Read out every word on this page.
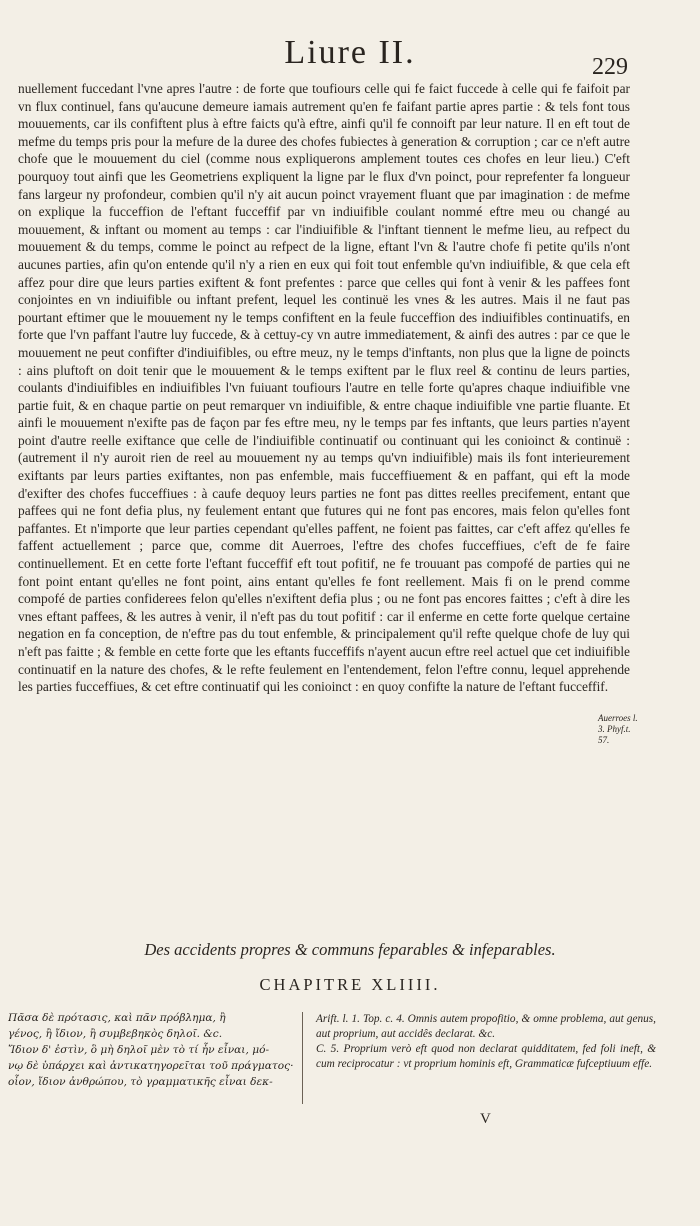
Liure II.	229

nuellement fuccedant l'vne apres l'autre : de forte que toufiours celle qui fe faict fuccede à celle qui fe faifoit par vn flux continuel, fans qu'aucune demeure iamais autrement qu'en fe faifant partie apres partie : & tels font tous mouuements, car ils confiftent plus à eftre faicts qu'à eftre, ainfi qu'il fe connoift par leur nature. Il en eft tout de mefme du temps pris pour la mefure de la duree des chofes fubiectes à generation & corruption ; car ce n'eft autre chofe que le mouuement du ciel (comme nous expliquerons amplement toutes ces chofes en leur lieu.) C'eft pourquoy tout ainfi que les Geometriens expliquent la ligne par le flux d'vn poinct, pour reprefenter fa longueur fans largeur ny profondeur, combien qu'il n'y ait aucun poinct vrayement fluant que par imagination : de mefme on explique la fucceffion de l'eftant fucceffif par vn indiuifible coulant nommé eftre meu ou changé au mouuement, & inftant ou moment au temps : car l'indiuifible & l'inftant tiennent le mefme lieu, au refpect du mouuement & du temps, comme le poinct au refpect de la ligne, eftant l'vn & l'autre chofe fi petite qu'ils n'ont aucunes parties, afin qu'on entende qu'il n'y a rien en eux qui foit tout enfemble qu'vn indiuifible, & que cela eft affez pour dire que leurs parties exiftent & font prefentes : parce que celles qui font à venir & les paffees font conjointes en vn indiuifible ou inftant prefent, lequel les continuë les vnes & les autres. Mais il ne faut pas pourtant eftimer que le mouuement ny le temps confiftent en la feule fucceffion des indiuifibles continuatifs, en forte que l'vn paffant l'autre luy fuccede, & à cettuy-cy vn autre immediatement, & ainfi des autres : par ce que le mouuement ne peut confifter d'indiuifibles, ou eftre meuz, ny le temps d'inftants, non plus que la ligne de poincts : ains pluftoft on doit tenir que le mouuement & le temps exiftent par le flux reel & continu de leurs parties, coulants d'indiuifibles en indiuifibles l'vn fuiuant toufiours l'autre en telle forte qu'apres chaque indiuifible vne partie fuit, & en chaque partie on peut remarquer vn indiuifible, & entre chaque indiuifible vne partie fluante. Et ainfi le mouuement n'exifte pas de façon par fes eftre meu, ny le temps par fes inftants, que leurs parties n'ayent point d'autre reelle exiftance que celle de l'indiuifible continuatif ou continuant qui les conioinct & continuë : (autrement il n'y auroit rien de reel au mouuement ny au temps qu'vn indiuifible) mais ils font interieurement exiftants par leurs parties exiftantes, non pas enfemble, mais fucceffiuement & en paffant, qui eft la mode d'exifter des chofes fucceffiues : à caufe dequoy leurs parties ne font pas dittes reelles precifement, entant que paffees qui ne font defia plus, ny feulement entant que futures qui ne font pas encores, mais felon qu'elles font paffantes. Et n'importe que leur parties cependant qu'elles paffent, ne foient pas faittes, car c'eft affez qu'elles fe faffent actuellement ; parce que, comme dit Auerroes, l'eftre des chofes fucceffiues, c'eft de fe faire continuellement. Et en cette forte l'eftant fucceffif eft tout pofitif, ne fe trouuant pas compofé de parties qui ne font point entant qu'elles ne font point, ains entant qu'elles fe font reellement. Mais fi on le prend comme compofé de parties confiderees felon qu'elles n'exiftent defia plus ; ou ne font pas encores faittes ; c'eft à dire les vnes eftant paffees, & les autres à venir, il n'eft pas du tout pofitif : car il enferme en cette forte quelque certaine negation en fa conception, de n'eftre pas du tout enfemble, & principalement qu'il refte quelque chofe de luy qui n'eft pas faitte ; & femble en cette forte que les eftants fucceffifs n'ayent aucun eftre reel actuel que cet indiuifible continuatif en la nature des chofes, & le refte feulement en l'entendement, felon l'eftre connu, lequel apprehende les parties fucceffiues, & cet eftre continuatif qui les conioinct : en quoy confifte la nature de l'eftant fucceffif.

Auerroes l.
3. Phyf.t.
57.
Des accidents propres & communs feparables & infeparables.
CHAPITRE XLIIII.
Πᾶσα δὲ πρότασις, καὶ πᾶν πρόβλημα, ἢ
γένος, ἢ ἴδιον, ἢ συμβεβηκὸς δηλοῖ. &c.
Ἴδιον δ' ἐστὶν, ὃ μὴ δηλοῖ μὲν τὸ τί ἦν εἶναι, μό-
νῳ δὲ ὑπάρχει καὶ ἀντικατηγορεῖται τοῦ πράγματος·
οἷον, ἴδιον ἀνθρώπου, τὸ γραμματικῆς εἶναι δεκ-

Arift. l. 1. Top. c. 4. Omnis autem propofitio, & omne problema, aut genus, aut proprium, aut accidês declarat. &c.

C. 5. Proprium verò eft quod non declarat quidditatem, fed foli ineft, & cum reciprocatur : vt proprium hominis eft, Grammaticæ fufceptiuum effe.

V
